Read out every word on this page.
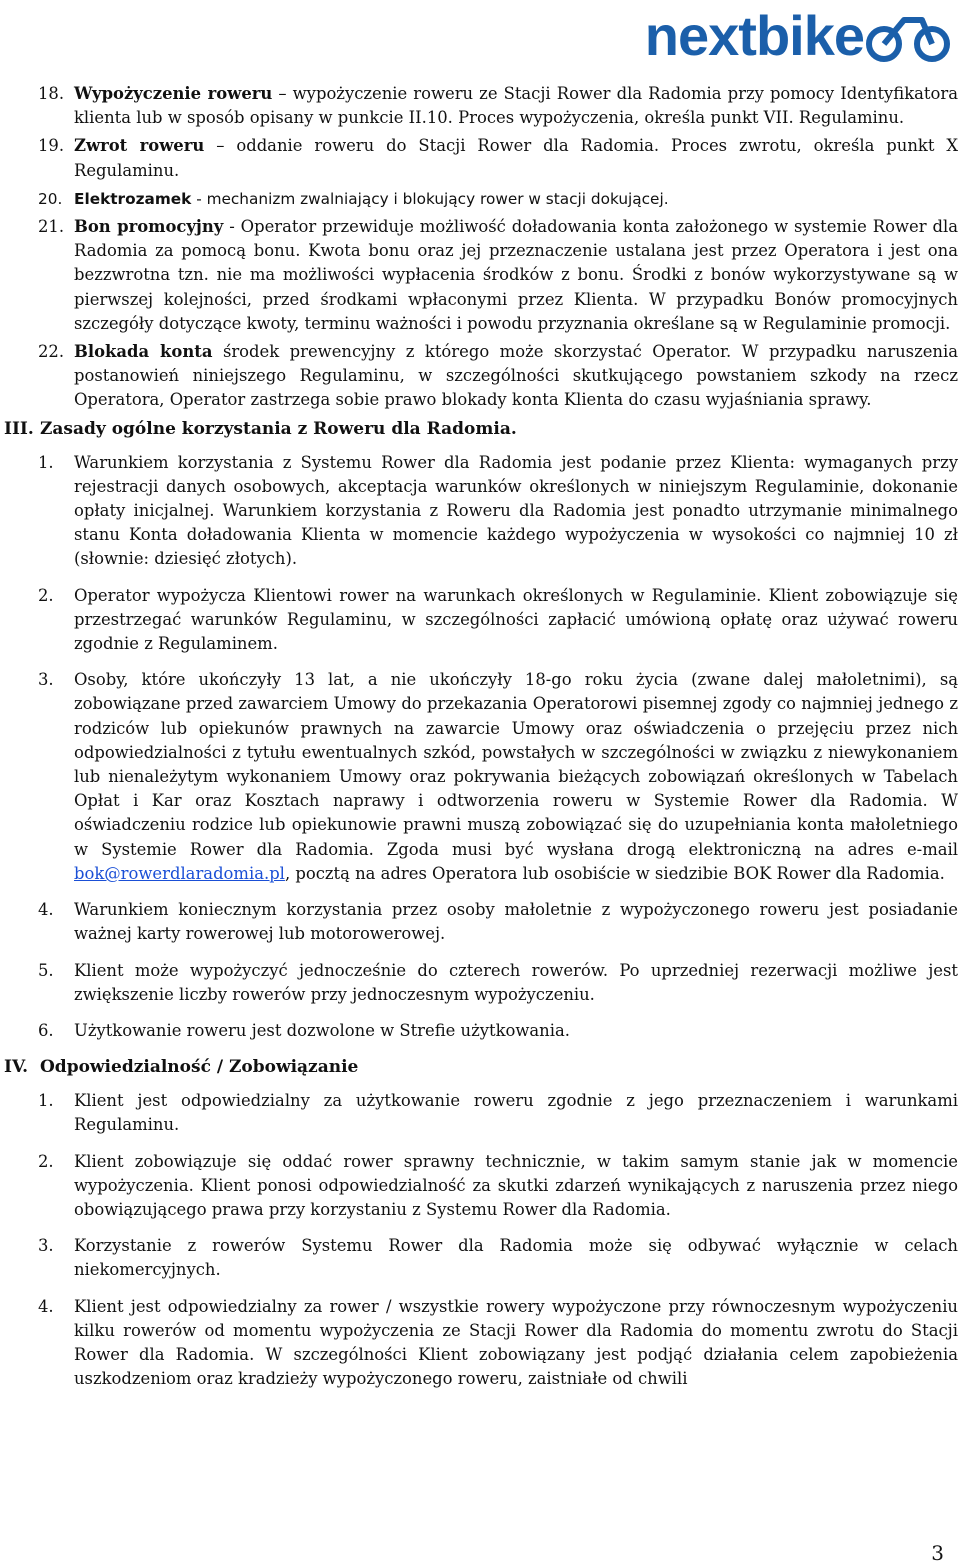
nextbike
18. Wypożyczenie roweru – wypożyczenie roweru ze Stacji Rower dla Radomia przy pomocy Identyfikatora klienta lub w sposób opisany w punkcie II.10. Proces wypożyczenia, określa punkt VII. Regulaminu.
19. Zwrot roweru – oddanie roweru do Stacji Rower dla Radomia. Proces zwrotu, określa punkt X Regulaminu.
20. Elektrozamek - mechanizm zwalniający i blokujący rower w stacji dokującej.
21. Bon promocyjny - Operator przewiduje możliwość doładowania konta założonego w systemie Rower dla Radomia za pomocą bonu. Kwota bonu oraz jej przeznaczenie ustalana jest przez Operatora i jest ona bezzwrotna tzn. nie ma możliwości wypłacenia środków z bonu. Środki z bonów wykorzystywane są w pierwszej kolejności, przed środkami wpłaconymi przez Klienta. W przypadku Bonów promocyjnych szczegóły dotyczące kwoty, terminu ważności i powodu przyznania określane są w Regulaminie promocji.
22. Blokada konta środek prewencyjny z którego może skorzystać Operator. W przypadku naruszenia postanowień niniejszego Regulaminu, w szczególności skutkującego powstaniem szkody na rzecz Operatora, Operator zastrzega sobie prawo blokady konta Klienta do czasu wyjaśniania sprawy.
III. Zasady ogólne korzystania z Roweru dla Radomia.
1.	Warunkiem korzystania z Systemu Rower dla Radomia jest podanie przez Klienta: wymaganych przy rejestracji danych osobowych, akceptacja warunków określonych w niniejszym Regulaminie, dokonanie opłaty inicjalnej. Warunkiem korzystania z Roweru dla Radomia jest ponadto utrzymanie minimalnego stanu Konta doładowania Klienta w momencie każdego wypożyczenia w wysokości co najmniej 10 zł (słownie: dziesięć złotych).
2.	Operator wypożycza Klientowi rower na warunkach określonych w Regulaminie. Klient zobowiązuje się przestrzegać warunków Regulaminu, w szczególności zapłacić umówioną opłatę oraz używać roweru zgodnie z Regulaminem.
3.	Osoby, które ukończyły 13 lat, a nie ukończyły 18-go roku życia (zwane dalej małoletnimi), są zobowiązane przed zawarciem Umowy do przekazania Operatorowi pisemnej zgody co najmniej jednego z rodziców lub opiekunów prawnych na zawarcie Umowy oraz oświadczenia o przejęciu przez nich odpowiedzialności z tytułu ewentualnych szkód, powstałych w szczególności w związku z niewykonaniem lub nienależytym wykonaniem Umowy oraz pokrywania bieżących zobowiązań określonych w Tabelach Opłat i Kar oraz Kosztach naprawy i odtworzenia roweru w Systemie Rower dla Radomia. W oświadczeniu rodzice lub opiekunowie prawni muszą zobowiązać się do uzupełniania konta małoletniego w Systemie Rower dla Radomia. Zgoda musi być wysłana drogą elektroniczną na adres e-mail bok@rowerdlaradomia.pl, pocztą na adres Operatora lub osobiście w siedzibie BOK Rower dla Radomia.
4.	Warunkiem koniecznym korzystania przez osoby małoletnie z wypożyczonego roweru jest posiadanie ważnej karty rowerowej lub motorowerowej.
5.	Klient może wypożyczyć jednocześnie do czterech rowerów. Po uprzedniej rezerwacji możliwe jest zwiększenie liczby rowerów przy jednoczesnym wypożyczeniu.
6.	Użytkowanie roweru jest dozwolone w Strefie użytkowania.
IV. Odpowiedzialność / Zobowiązanie
1.	Klient jest odpowiedzialny za użytkowanie roweru zgodnie z jego przeznaczeniem i warunkami Regulaminu.
2.	Klient zobowiązuje się oddać rower sprawny technicznie, w takim samym stanie jak w momencie wypożyczenia. Klient ponosi odpowiedzialność za skutki zdarzeń wynikających z naruszenia przez niego obowiązującego prawa przy korzystaniu z Systemu Rower dla Radomia.
3.	Korzystanie z rowerów Systemu Rower dla Radomia może się odbywać wyłącznie w celach niekomercyjnych.
4.	Klient jest odpowiedzialny za rower / wszystkie rowery wypożyczone przy równoczesnym wypożyczeniu kilku rowerów od momentu wypożyczenia ze Stacji Rower dla Radomia do momentu zwrotu do Stacji Rower dla Radomia. W szczególności Klient zobowiązany jest podjąć działania celem zapobieżenia uszkodzeniom oraz kradzieży wypożyczonego roweru, zaistniałe od chwili
3
